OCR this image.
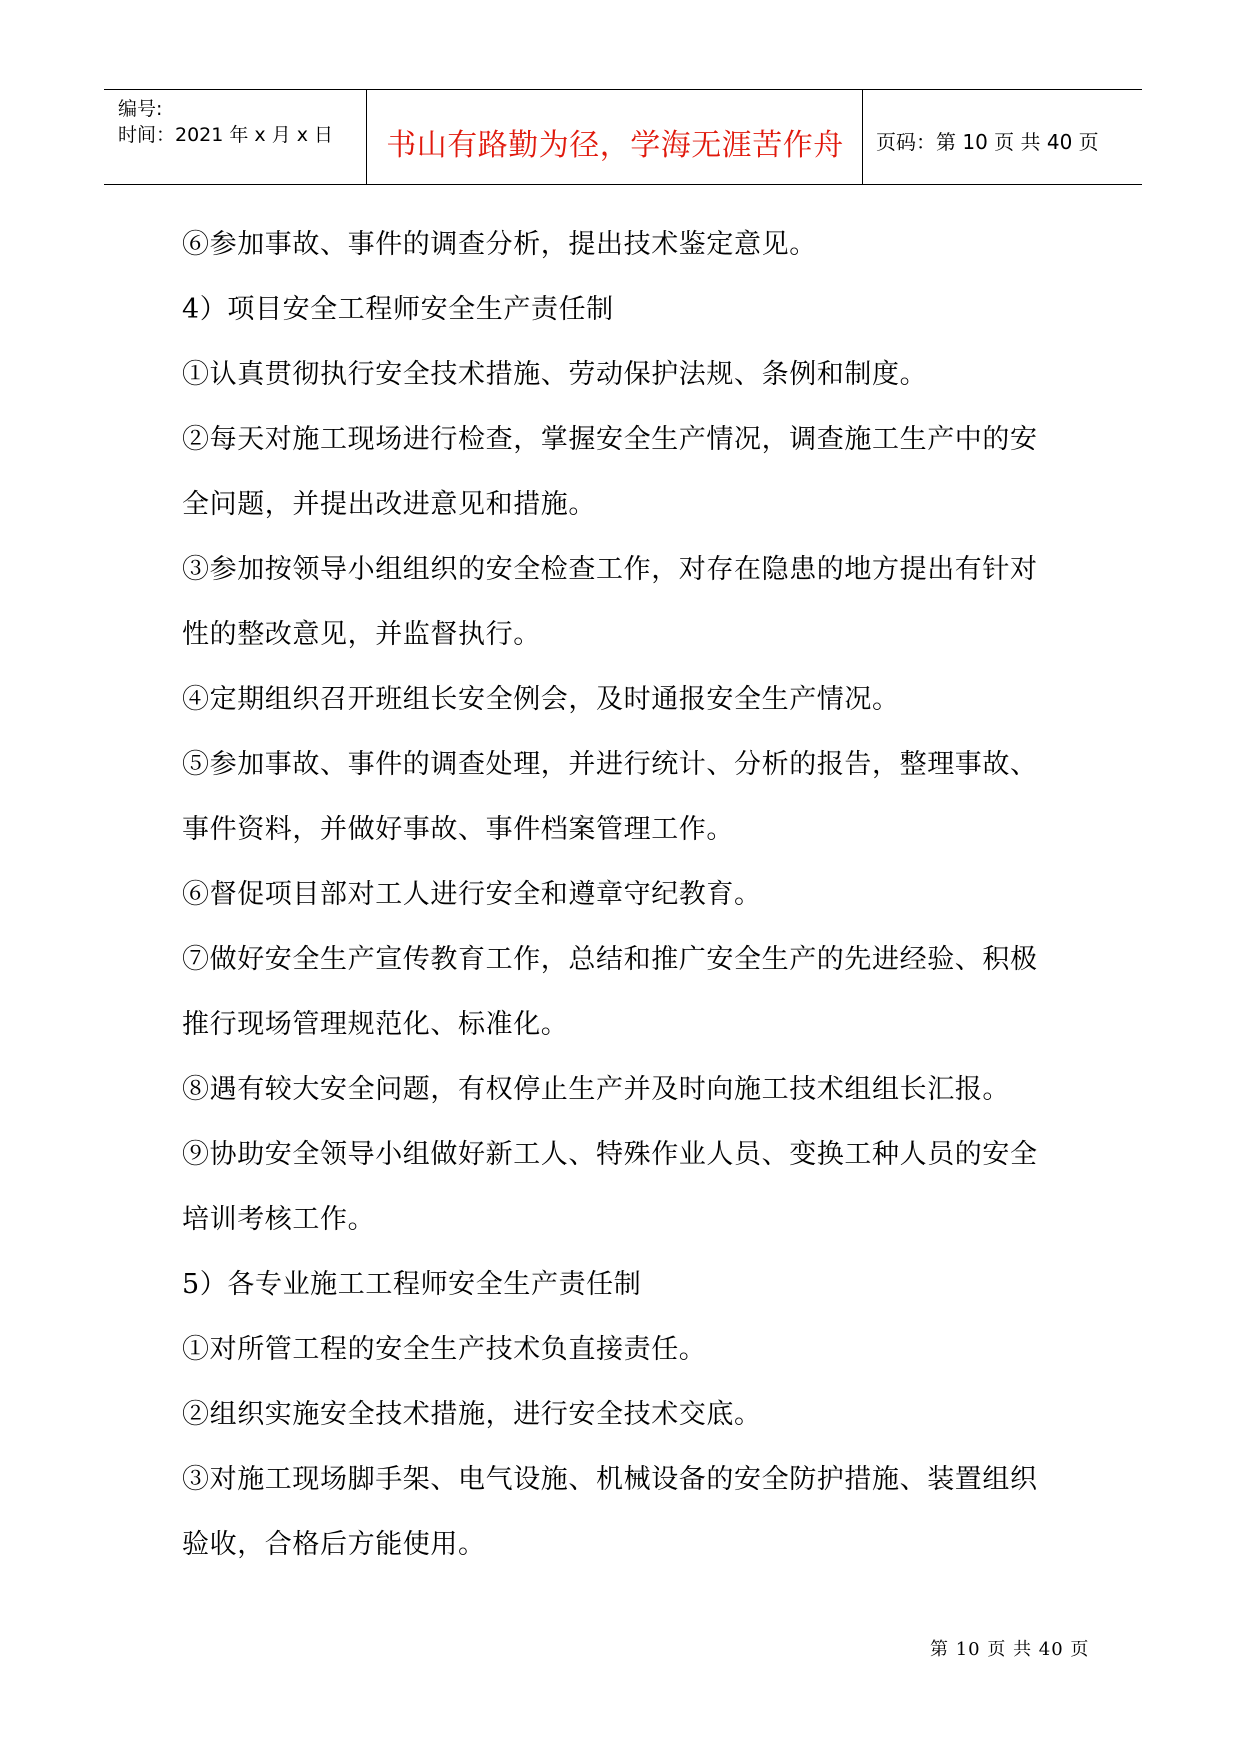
编号:
时间：2021 年 x 月 x 日	书山有路勤为径，学海无涯苦作舟	页码：第 10 页 共 40 页
⑥参加事故、事件的调查分析，提出技术鉴定意见。
4）项目安全工程师安全生产责任制
①认真贯彻执行安全技术措施、劳动保护法规、条例和制度。
②每天对施工现场进行检查，掌握安全生产情况，调查施工生产中的安
全问题，并提出改进意见和措施。
③参加按领导小组组织的安全检查工作，对存在隐患的地方提出有针对
性的整改意见，并监督执行。
④定期组织召开班组长安全例会，及时通报安全生产情况。
⑤参加事故、事件的调查处理，并进行统计、分析的报告，整理事故、
事件资料，并做好事故、事件档案管理工作。
⑥督促项目部对工人进行安全和遵章守纪教育。
⑦做好安全生产宣传教育工作，总结和推广安全生产的先进经验、积极
推行现场管理规范化、标准化。
⑧遇有较大安全问题，有权停止生产并及时向施工技术组组长汇报。
⑨协助安全领导小组做好新工人、特殊作业人员、变换工种人员的安全
培训考核工作。
5）各专业施工工程师安全生产责任制
①对所管工程的安全生产技术负直接责任。
②组织实施安全技术措施，进行安全技术交底。
③对施工现场脚手架、电气设施、机械设备的安全防护措施、装置组织
验收，合格后方能使用。
第 10 页 共 40 页
